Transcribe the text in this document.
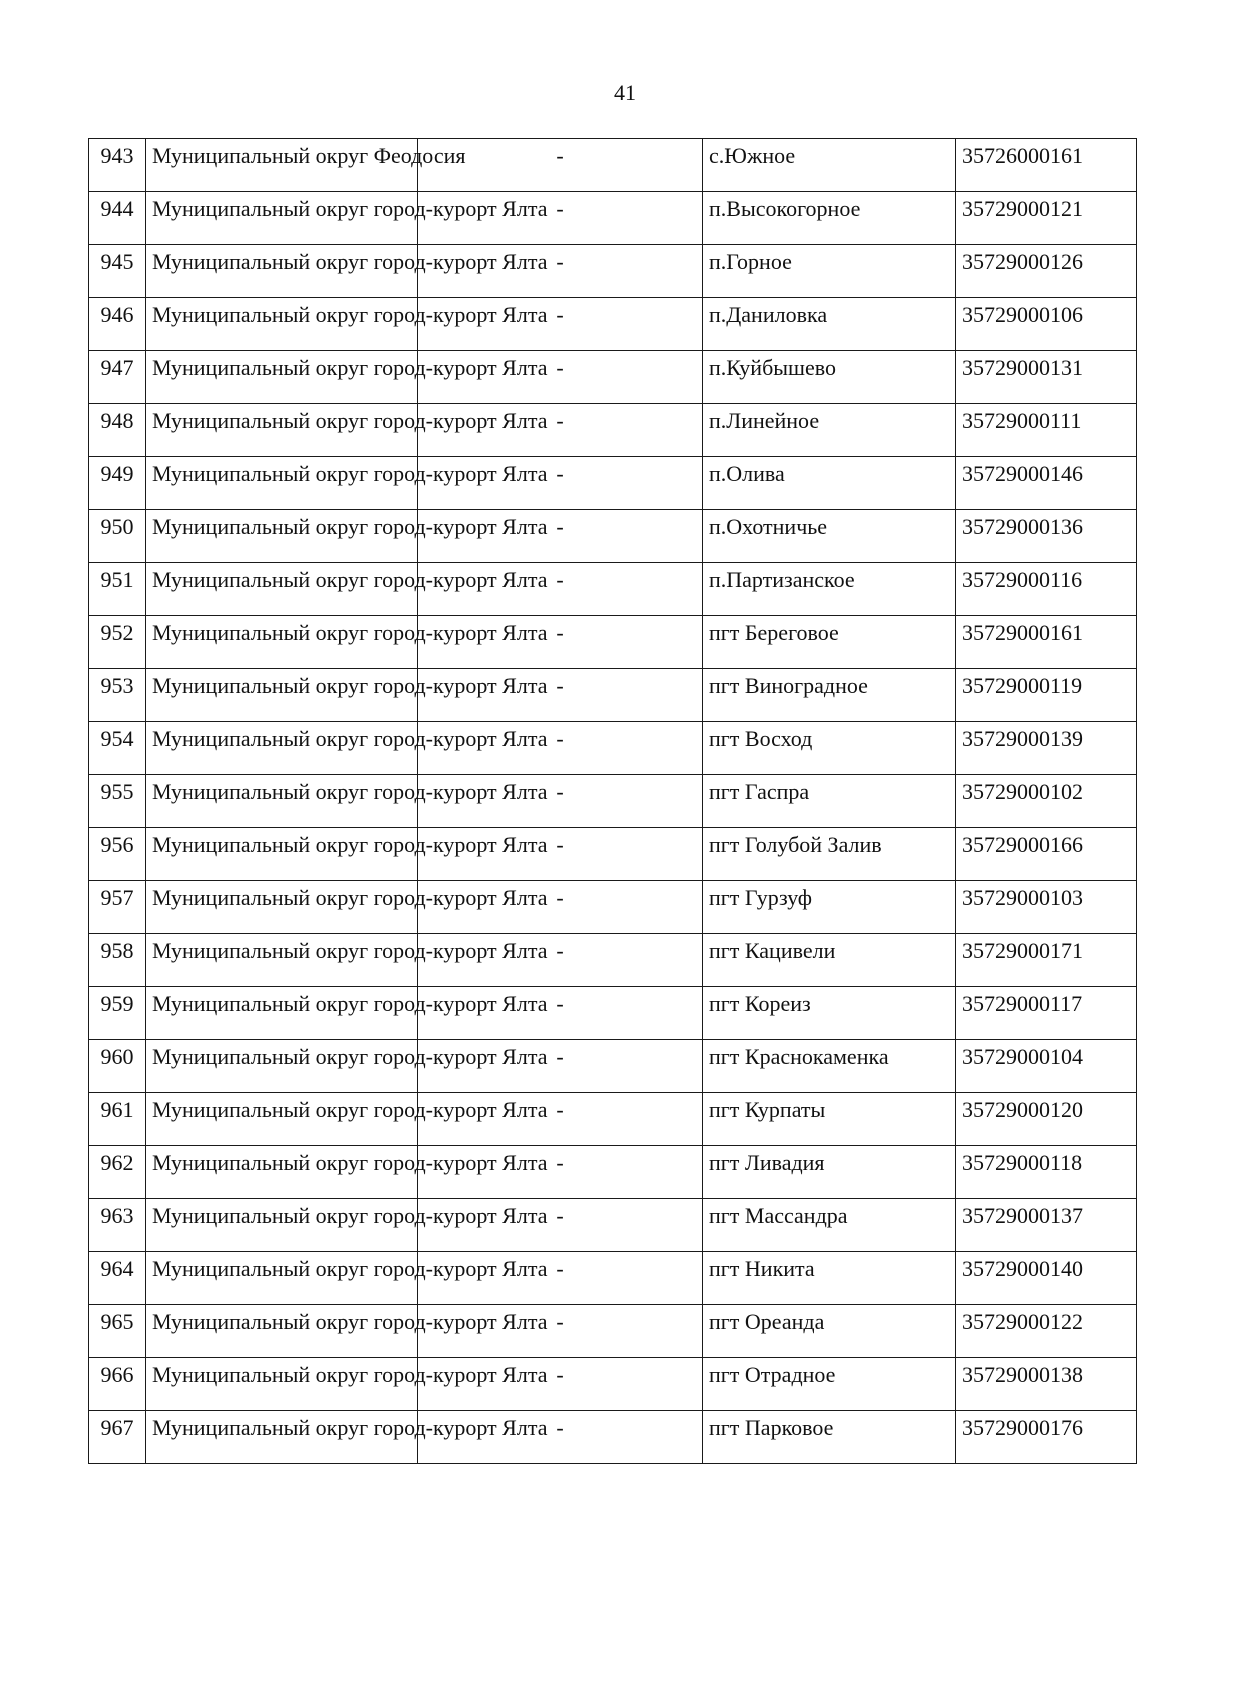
41
943	Муниципальный округ Феодосия	-	с.Южное	35726000161
944	Муниципальный округ город-курорт Ялта	-	п.Высокогорное	35729000121
945	Муниципальный округ город-курорт Ялта	-	п.Горное	35729000126
946	Муниципальный округ город-курорт Ялта	-	п.Даниловка	35729000106
947	Муниципальный округ город-курорт Ялта	-	п.Куйбышево	35729000131
948	Муниципальный округ город-курорт Ялта	-	п.Линейное	35729000111
949	Муниципальный округ город-курорт Ялта	-	п.Олива	35729000146
950	Муниципальный округ город-курорт Ялта	-	п.Охотничье	35729000136
951	Муниципальный округ город-курорт Ялта	-	п.Партизанское	35729000116
952	Муниципальный округ город-курорт Ялта	-	пгт Береговое	35729000161
953	Муниципальный округ город-курорт Ялта	-	пгт Виноградное	35729000119
954	Муниципальный округ город-курорт Ялта	-	пгт Восход	35729000139
955	Муниципальный округ город-курорт Ялта	-	пгт Гаспра	35729000102
956	Муниципальный округ город-курорт Ялта	-	пгт Голубой Залив	35729000166
957	Муниципальный округ город-курорт Ялта	-	пгт Гурзуф	35729000103
958	Муниципальный округ город-курорт Ялта	-	пгт Кацивели	35729000171
959	Муниципальный округ город-курорт Ялта	-	пгт Кореиз	35729000117
960	Муниципальный округ город-курорт Ялта	-	пгт Краснокаменка	35729000104
961	Муниципальный округ город-курорт Ялта	-	пгт Курпаты	35729000120
962	Муниципальный округ город-курорт Ялта	-	пгт Ливадия	35729000118
963	Муниципальный округ город-курорт Ялта	-	пгт Массандра	35729000137
964	Муниципальный округ город-курорт Ялта	-	пгт Никита	35729000140
965	Муниципальный округ город-курорт Ялта	-	пгт Ореанда	35729000122
966	Муниципальный округ город-курорт Ялта	-	пгт Отрадное	35729000138
967	Муниципальный округ город-курорт Ялта	-	пгт Парковое	35729000176
